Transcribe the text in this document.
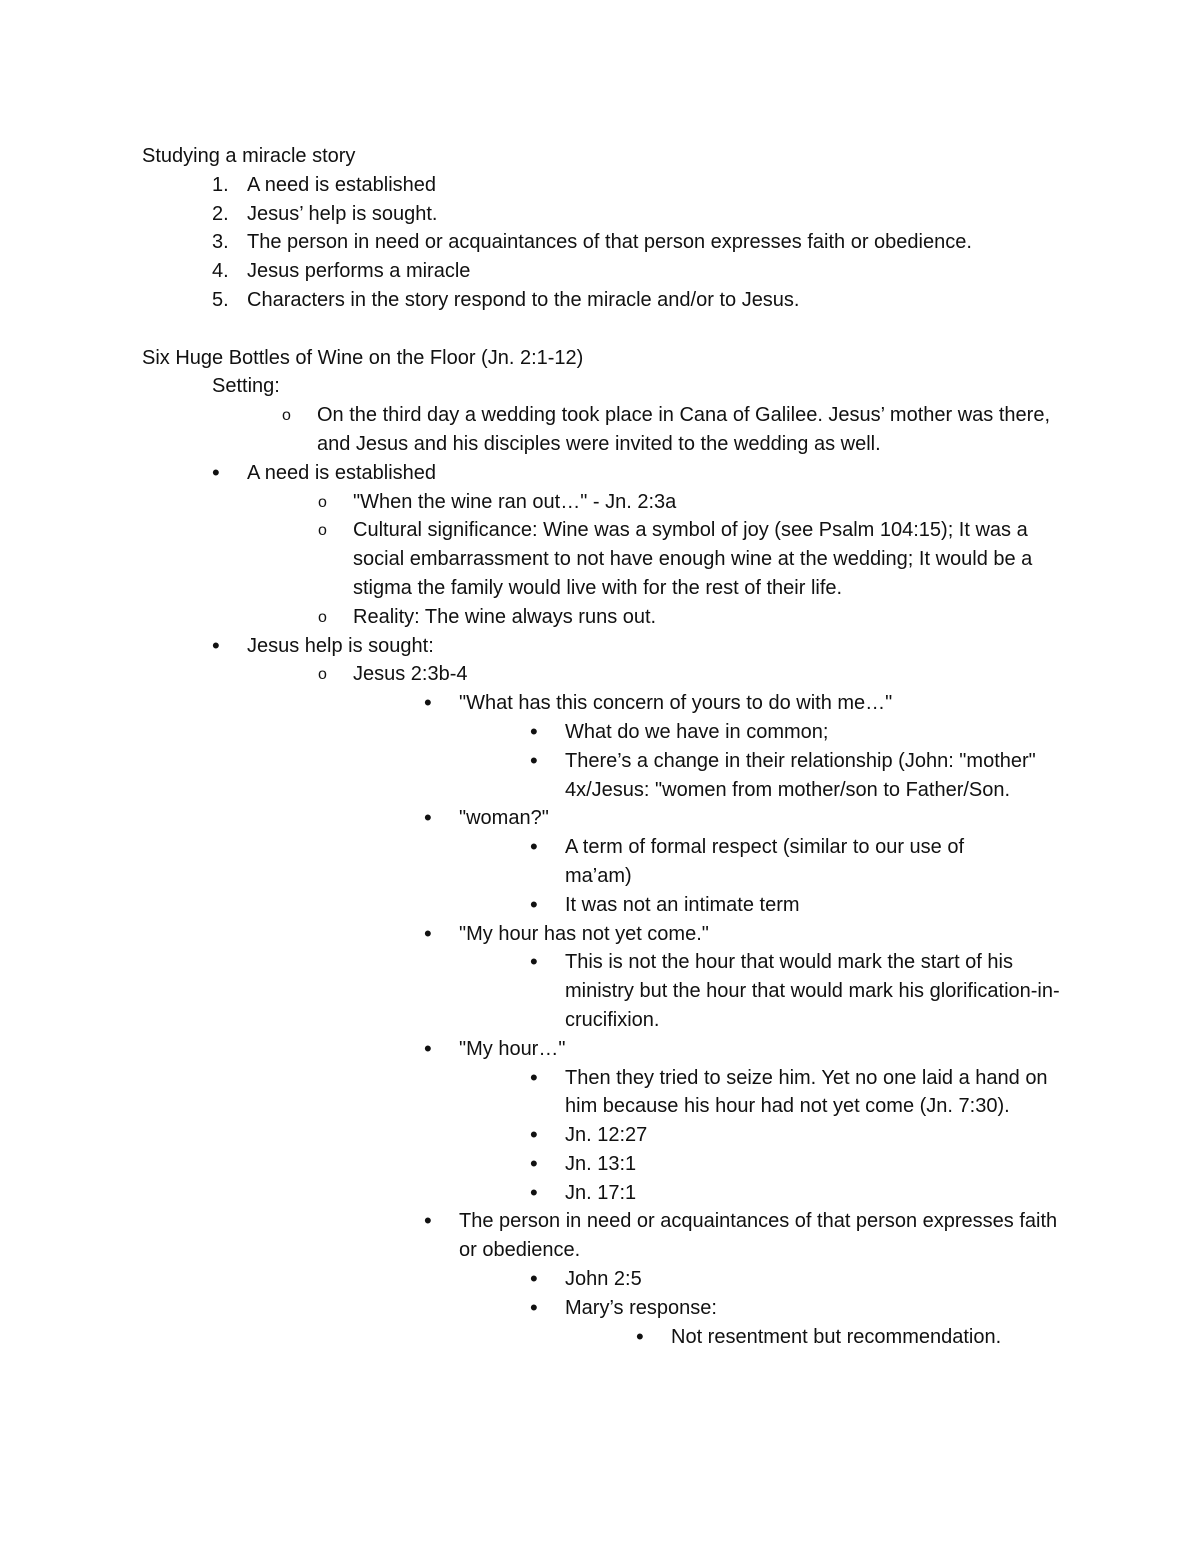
Studying a miracle story
1. A need is established
2. Jesus’ help is sought.
3. The person in need or acquaintances of that person expresses faith or obedience.
4. Jesus performs a miracle
5. Characters in the story respond to the miracle and/or to Jesus.
Six Huge Bottles of Wine on the Floor (Jn. 2:1-12)
Setting:
o On the third day a wedding took place in Cana of Galilee. Jesus’ mother was there, and Jesus and his disciples were invited to the wedding as well.
• A need is established
o "When the wine ran out…" - Jn. 2:3a
o Cultural significance: Wine was a symbol of joy (see Psalm 104:15); It was a social embarrassment to not have enough wine at the wedding; It would be a stigma the family would live with for the rest of their life.
o Reality: The wine always runs out.
• Jesus help is sought:
o Jesus 2:3b-4
• "What has this concern of yours to do with me…"
• What do we have in common;
• There’s a change in their relationship (John: "mother" 4x/Jesus: "women from mother/son to Father/Son.
• "woman?"
• A term of formal respect (similar to our use of ma’am)
• It was not an intimate term
• "My hour has not yet come."
• This is not the hour that would mark the start of his ministry but the hour that would mark his glorification-in-crucifixion.
• "My hour…"
• Then they tried to seize him. Yet no one laid a hand on him because his hour had not yet come (Jn. 7:30).
• Jn. 12:27
• Jn. 13:1
• Jn. 17:1
• The person in need or acquaintances of that person expresses faith or obedience.
• John 2:5
• Mary’s response:
• Not resentment but recommendation.
